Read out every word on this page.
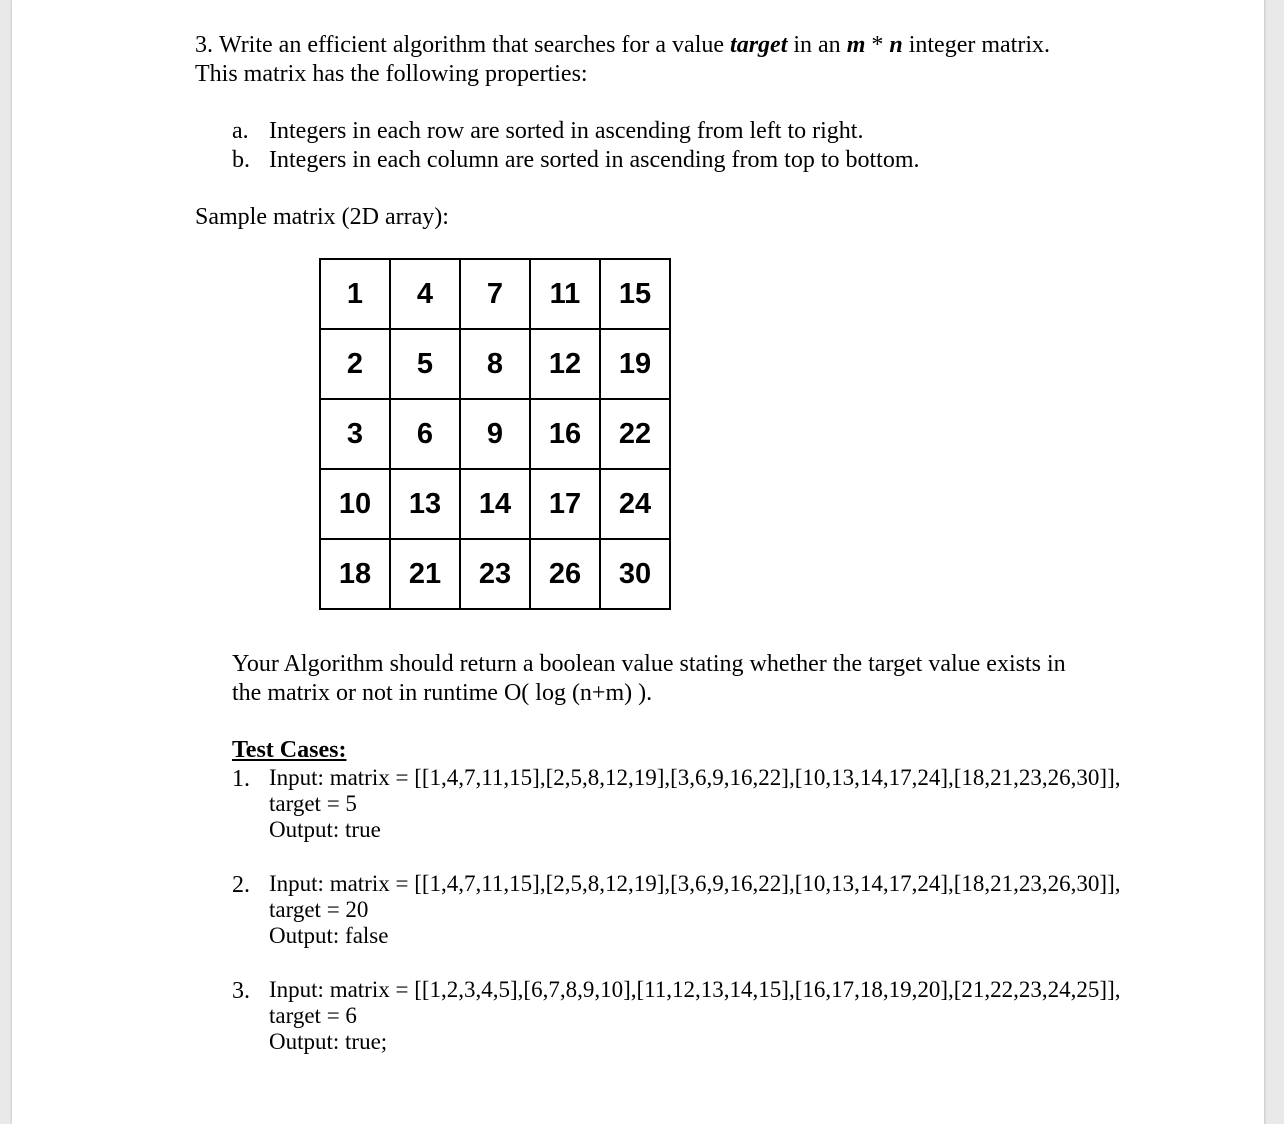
3. Write an efficient algorithm that searches for a value target in an m * n integer matrix.
This matrix has the following properties:
a. Integers in each row are sorted in ascending from left to right.
b. Integers in each column are sorted in ascending from top to bottom.
Sample matrix (2D array):
1	4	7	11	15
2	5	8	12	19
3	6	9	16	22
10	13	14	17	24
18	21	23	26	30
Your Algorithm should return a boolean value stating whether the target value exists in
the matrix or not in runtime O( log (n+m) ).
Test Cases:
1. Input: matrix = [[1,4,7,11,15],[2,5,8,12,19],[3,6,9,16,22],[10,13,14,17,24],[18,21,23,26,30]],
target = 5
Output: true
2. Input: matrix = [[1,4,7,11,15],[2,5,8,12,19],[3,6,9,16,22],[10,13,14,17,24],[18,21,23,26,30]],
target = 20
Output: false
3. Input: matrix = [[1,2,3,4,5],[6,7,8,9,10],[11,12,13,14,15],[16,17,18,19,20],[21,22,23,24,25]],
target = 6
Output: true;
